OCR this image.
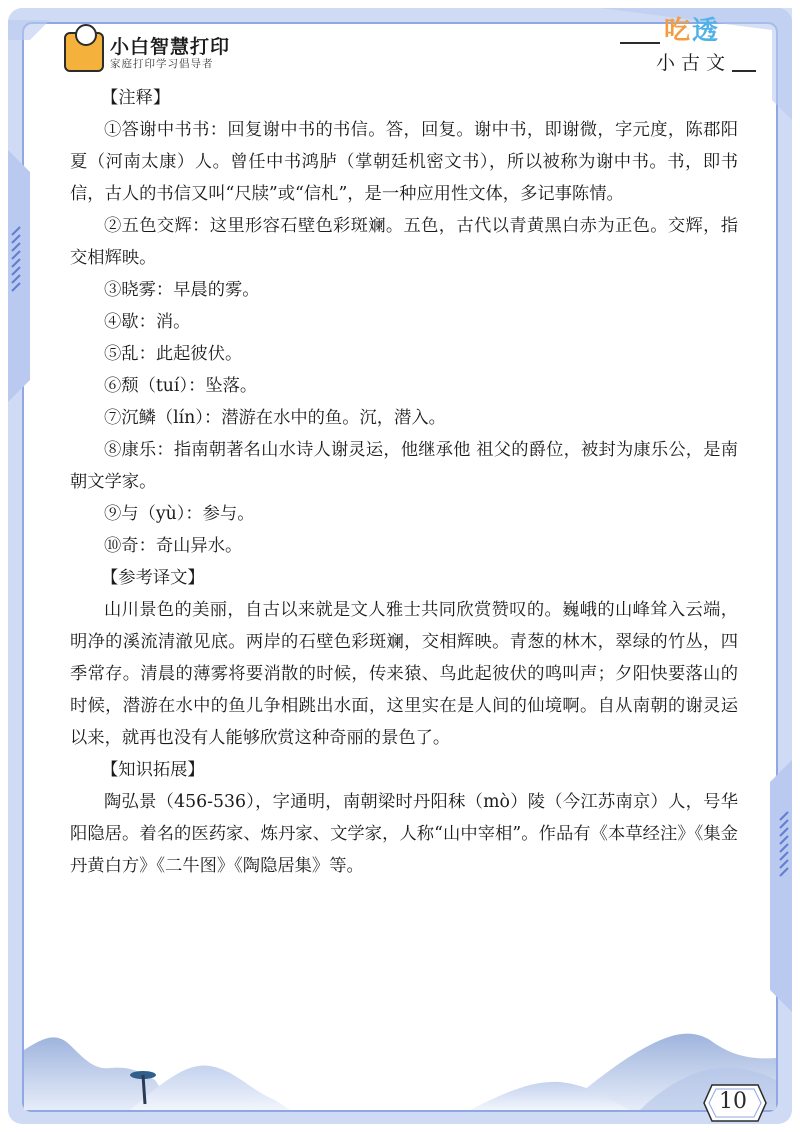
小白智慧打印
家庭打印学习倡导者
吃透
小古文

【注释】

①答谢中书书：回复谢中书的书信。答，回复。谢中书，即谢微，字元度，陈郡阳夏（河南太康）人。曾任中书鸿胪（掌朝廷机密文书），所以被称为谢中书。书，即书信，古人的书信又叫“尺牍”或“信札”，是一种应用性文体，多记事陈情。

②五色交辉：这里形容石壁色彩斑斓。五色，古代以青黄黑白赤为正色。交辉，指交相辉映。

③晓雾：早晨的雾。

④歇：消。

⑤乱：此起彼伏。

⑥颓（tuí）：坠落。

⑦沉鳞（lín）：潜游在水中的鱼。沉，潜入。

⑧康乐：指南朝著名山水诗人谢灵运，他继承他 祖父的爵位，被封为康乐公，是南朝文学家。

⑨与（yù）：参与。

⑩奇：奇山异水。

【参考译文】

山川景色的美丽，自古以来就是文人雅士共同欣赏赞叹的。巍峨的山峰耸入云端，明净的溪流清澈见底。两岸的石壁色彩斑斓，交相辉映。青葱的林木，翠绿的竹丛，四季常存。清晨的薄雾将要消散的时候，传来猿、鸟此起彼伏的鸣叫声；夕阳快要落山的时候，潜游在水中的鱼儿争相跳出水面，这里实在是人间的仙境啊。自从南朝的谢灵运以来，就再也没有人能够欣赏这种奇丽的景色了。

【知识拓展】

陶弘景（456-536），字通明，南朝梁时丹阳秣（mò）陵（今江苏南京）人，号华阳隐居。着名的医药家、炼丹家、文学家，人称“山中宰相”。作品有《本草经注》《集金丹黄白方》《二牛图》《陶隐居集》等。

10
